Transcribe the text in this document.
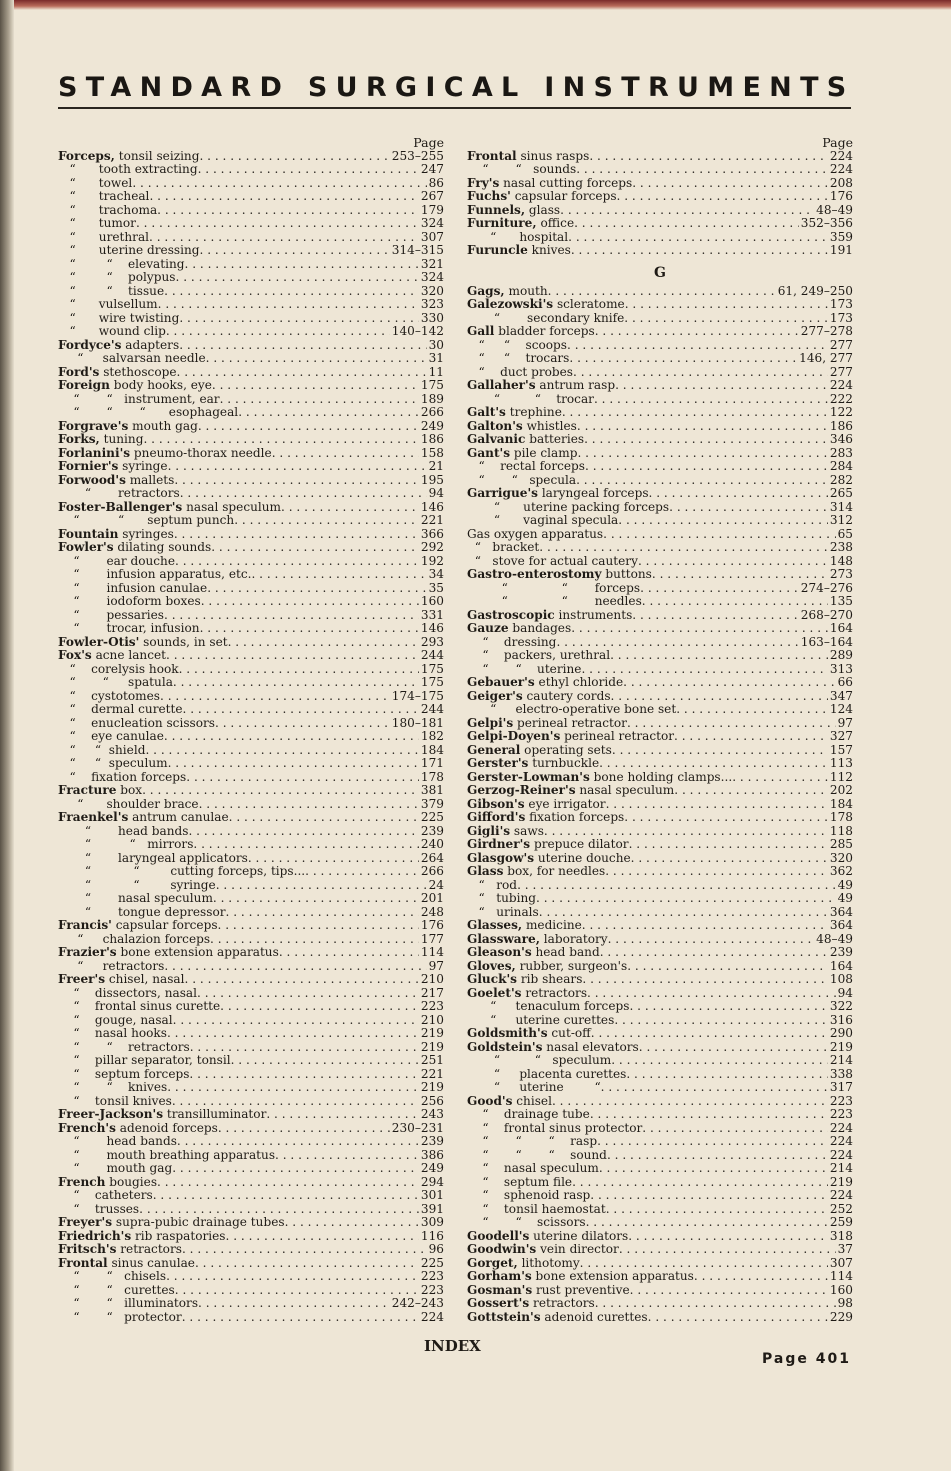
STANDARD SURGICAL INSTRUMENTS
Page
Forceps, tonsil seizing . . .	253–255
“      tooth extracting . . .	247
“      towel . . .	86
“      tracheal . . .	267
“      trachoma . . .	179
“      tumor . . .	324
“      urethral . . .	307
“      uterine dressing . . .	314–315
“        “    elevating . . .	321
“        “    polypus . . .	324
“        “    tissue . . .	320
“      vulsellum . . .	323
“      wire twisting . . .	330
“      wound clip . . .	140–142
Fordyce's adapters . . .	30
“     salvarsan needle . . .	31
Ford's stethoscope . . .	11
Foreign body hooks, eye . . .	175
“       “   instrument, ear . . .	189
“       “       “      esophageal . . .	266
Forgrave's mouth gag . . .	249
Forks, tuning . . .	186
Forlanini's pneumo-thorax needle . . .	158
Fornier's syringe . . .	21
Forwood's mallets . . .	195
“       retractors . . .	94
Foster-Ballenger's nasal speculum . . .	146
“          “      septum punch . . .	221
Fountain syringes . . .	366
Fowler's dilating sounds . . .	292
“       ear douche . . .	192
“       infusion apparatus, etc. . . .	34
“       infusion canulae . . .	35
“       iodoform boxes . . .	160
“       pessaries . . .	331
“       trocar, infusion . . .	146
Fowler-Otis' sounds, in set . . .	293
Fox's acne lancet . . .	244
“    corelysis hook . . .	175
“       “     spatula . . .	175
“    cystotomes . . .	174–175
“    dermal curette . . .	244
“    enucleation scissors . . .	180–181
“    eye canulae . . .	182
“     “  shield . . .	184
“     “  speculum . . .	171
“    fixation forceps . . .	178
Fracture box . . .	381
“      shoulder brace . . .	379
Fraenkel's antrum canulae . . .	225
“       head bands . . .	239
“          “   mirrors . . .	240
“       laryngeal applicators . . .	264
“           “        cutting forceps, tips... . . .	266
“           “        syringe . . .	24
“       nasal speculum . . .	201
“       tongue depressor . . .	248
Francis' capsular forceps . . .	176
“     chalazion forceps . . .	177
Frazier's bone extension apparatus . . .	114
“     retractors . . .	97
Freer's chisel, nasal . . .	210
“    dissectors, nasal . . .	217
“    frontal sinus curette . . .	223
“    gouge, nasal . . .	210
“    nasal hooks . . .	219
“       “    retractors . . .	219
“    pillar separator, tonsil . . .	251
“    septum forceps . . .	221
“       “    knives . . .	219
“    tonsil knives . . .	256
Freer-Jackson's transilluminator . . .	243
French's adenoid forceps . . .	230–231
“       head bands . . .	239
“       mouth breathing apparatus . . .	386
“       mouth gag . . .	249
French bougies . . .	294
“    catheters . . .	301
“    trusses . . .	391
Freyer's supra-pubic drainage tubes . . .	309
Friedrich's rib raspatories . . .	116
Fritsch's retractors . . .	96
Frontal sinus canulae . . .	225
“       “   chisels . . .	223
“       “   curettes . . .	223
“       “   illuminators . . .	242–243
“       “   protector . . .	224
Page
Frontal sinus rasps . . .	224
“       “   sounds . . .	224
Fry's nasal cutting forceps . . .	208
Fuchs' capsular forceps . . .	176
Funnels, glass . . .	48–49
Furniture, office . . .	352–356
“      hospital . . .	359
Furuncle knives . . .	191
G
Gags, mouth . . .	61, 249–250
Galezowski's scleratome . . .	173
“       secondary knife . . .	173
Gall bladder forceps . . .	277–278
“     “    scoops . . .	277
“     “    trocars . . .	146, 277
“    duct probes . . .	277
Gallaher's antrum rasp . . .	224
“         “    trocar . . .	222
Galt's trephine . . .	122
Galton's whistles . . .	186
Galvanic batteries . . .	346
Gant's pile clamp . . .	283
“    rectal forceps . . .	284
“       “   specula . . .	282
Garrigue's laryngeal forceps . . .	265
“      uterine packing forceps . . .	314
“      vaginal specula . . .	312
Gas oxygen apparatus . . .	65
“   bracket . . .	238
“   stove for actual cautery . . .	148
Gastro-enterostomy buttons . . .	273
“              “       forceps . . .	274–276
“              “       needles . . .	135
Gastroscopic instruments . . .	268–270
Gauze bandages . . .	164
“    dressing . . .	163–164
“    packers, urethral . . .	289
“       “    uterine . . .	313
Gebauer's ethyl chloride . . .	66
Geiger's cautery cords . . .	347
“     electro-operative bone set . . .	124
Gelpi's perineal retractor . . .	97
Gelpi-Doyen's perineal retractor . . .	327
General operating sets . . .	157
Gerster's turnbuckle . . .	113
Gerster-Lowman's bone holding clamps... . . .	112
Gerzog-Reiner's nasal speculum . . .	202
Gibson's eye irrigator . . .	184
Gifford's fixation forceps . . .	178
Gigli's saws . . .	118
Girdner's prepuce dilator . . .	285
Glasgow's uterine douche . . .	320
Glass box, for needles . . .	362
“   rod . . .	49
“   tubing . . .	49
“   urinals . . .	364
Glasses, medicine . . .	364
Glassware, laboratory . . .	48–49
Gleason's head band . . .	239
Gloves, rubber, surgeon's . . .	164
Gluck's rib shears . . .	108
Goelet's retractors . . .	94
“     tenaculum forceps . . .	322
“     uterine curettes . . .	316
Goldsmith's cut-off . . .	290
Goldstein's nasal elevators . . .	219
“         “   speculum . . .	214
“     placenta curettes . . .	338
“     uterine        “ . . .	317
Good's chisel . . .	223
“    drainage tube . . .	223
“    frontal sinus protector . . .	224
“       “       “    rasp . . .	224
“       “       “    sound . . .	224
“    nasal speculum . . .	214
“    septum file . . .	219
“    sphenoid rasp . . .	224
“    tonsil haemostat . . .	252
“       “    scissors . . .	259
Goodell's uterine dilators . . .	318
Goodwin's vein director . . .	37
Gorget, lithotomy . . .	307
Gorham's bone extension apparatus . . .	114
Gosman's rust preventive . . .	160
Gossert's retractors . . .	98
Gottstein's adenoid curettes . . .	229
INDEX
Page 401
